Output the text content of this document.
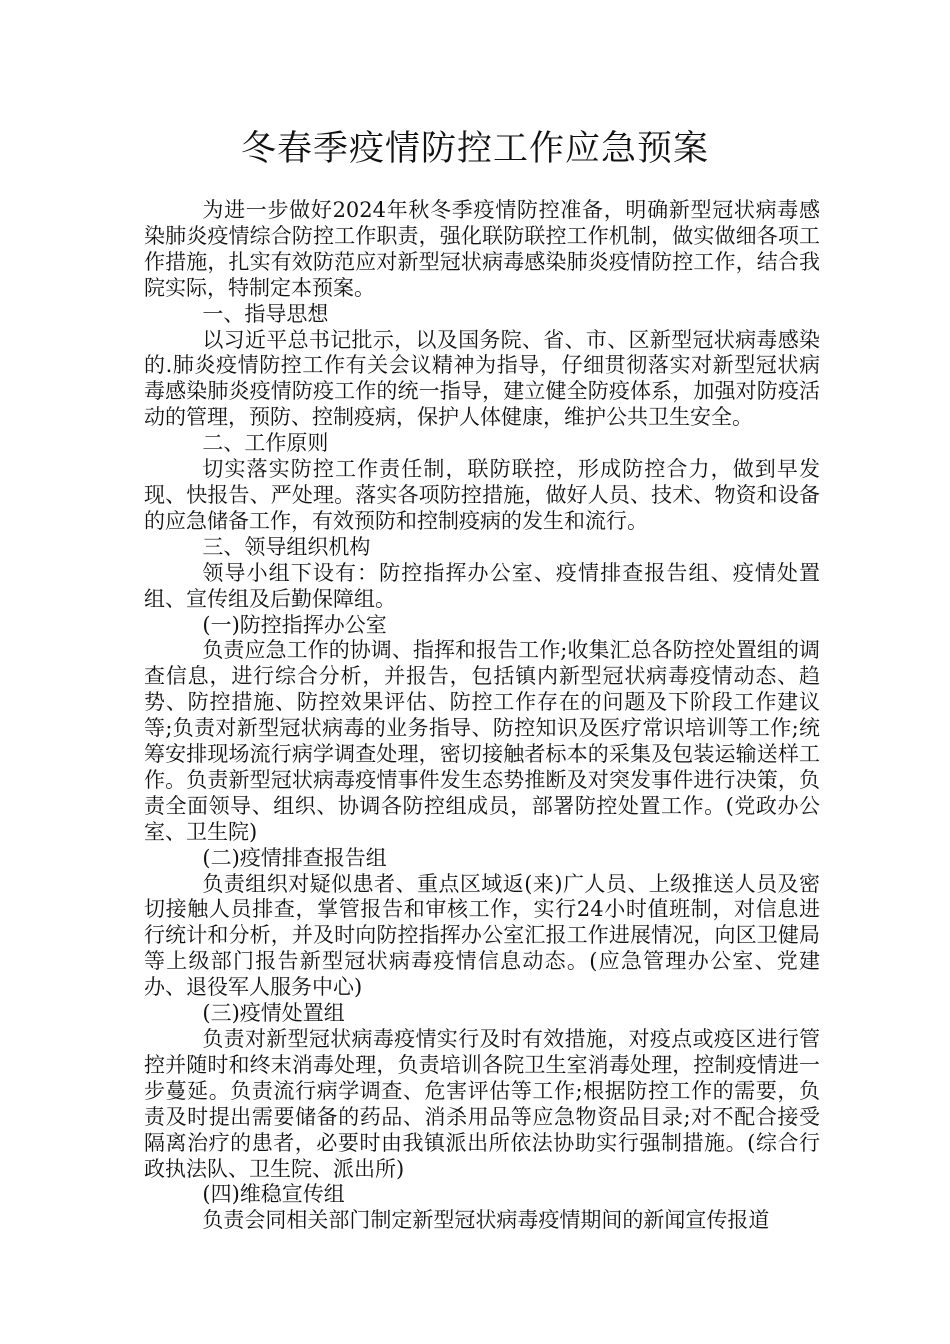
冬春季疫情防控工作应急预案

为进一步做好2024年秋冬季疫情防控准备，明确新型冠状病毒感染肺炎疫情综合防控工作职责，强化联防联控工作机制，做实做细各项工作措施，扎实有效防范应对新型冠状病毒感染肺炎疫情防控工作，结合我院实际，特制定本预案。

一、指导思想

以习近平总书记批示，以及国务院、省、市、区新型冠状病毒感染的.肺炎疫情防控工作有关会议精神为指导，仔细贯彻落实对新型冠状病毒感染肺炎疫情防疫工作的统一指导，建立健全防疫体系，加强对防疫活动的管理，预防、控制疫病，保护人体健康，维护公共卫生安全。

二、工作原则

切实落实防控工作责任制，联防联控，形成防控合力，做到早发现、快报告、严处理。落实各项防控措施，做好人员、技术、物资和设备的应急储备工作，有效预防和控制疫病的发生和流行。

三、领导组织机构

领导小组下设有：防控指挥办公室、疫情排查报告组、疫情处置组、宣传组及后勤保障组。

(一)防控指挥办公室

负责应急工作的协调、指挥和报告工作;收集汇总各防控处置组的调查信息，进行综合分析，并报告，包括镇内新型冠状病毒疫情动态、趋势、防控措施、防控效果评估、防控工作存在的问题及下阶段工作建议等;负责对新型冠状病毒的业务指导、防控知识及医疗常识培训等工作;统筹安排现场流行病学调查处理，密切接触者标本的采集及包装运输送样工作。负责新型冠状病毒疫情事件发生态势推断及对突发事件进行决策，负责全面领导、组织、协调各防控组成员，部署防控处置工作。(党政办公室、卫生院)

(二)疫情排查报告组

负责组织对疑似患者、重点区域返(来)广人员、上级推送人员及密切接触人员排查，掌管报告和审核工作，实行24小时值班制，对信息进行统计和分析，并及时向防控指挥办公室汇报工作进展情况，向区卫健局等上级部门报告新型冠状病毒疫情信息动态。(应急管理办公室、党建办、退役军人服务中心)

(三)疫情处置组

负责对新型冠状病毒疫情实行及时有效措施，对疫点或疫区进行管控并随时和终末消毒处理，负责培训各院卫生室消毒处理，控制疫情进一步蔓延。负责流行病学调查、危害评估等工作;根据防控工作的需要，负责及时提出需要储备的药品、消杀用品等应急物资品目录;对不配合接受隔离治疗的患者，必要时由我镇派出所依法协助实行强制措施。(综合行政执法队、卫生院、派出所)

(四)维稳宣传组

负责会同相关部门制定新型冠状病毒疫情期间的新闻宣传报道
